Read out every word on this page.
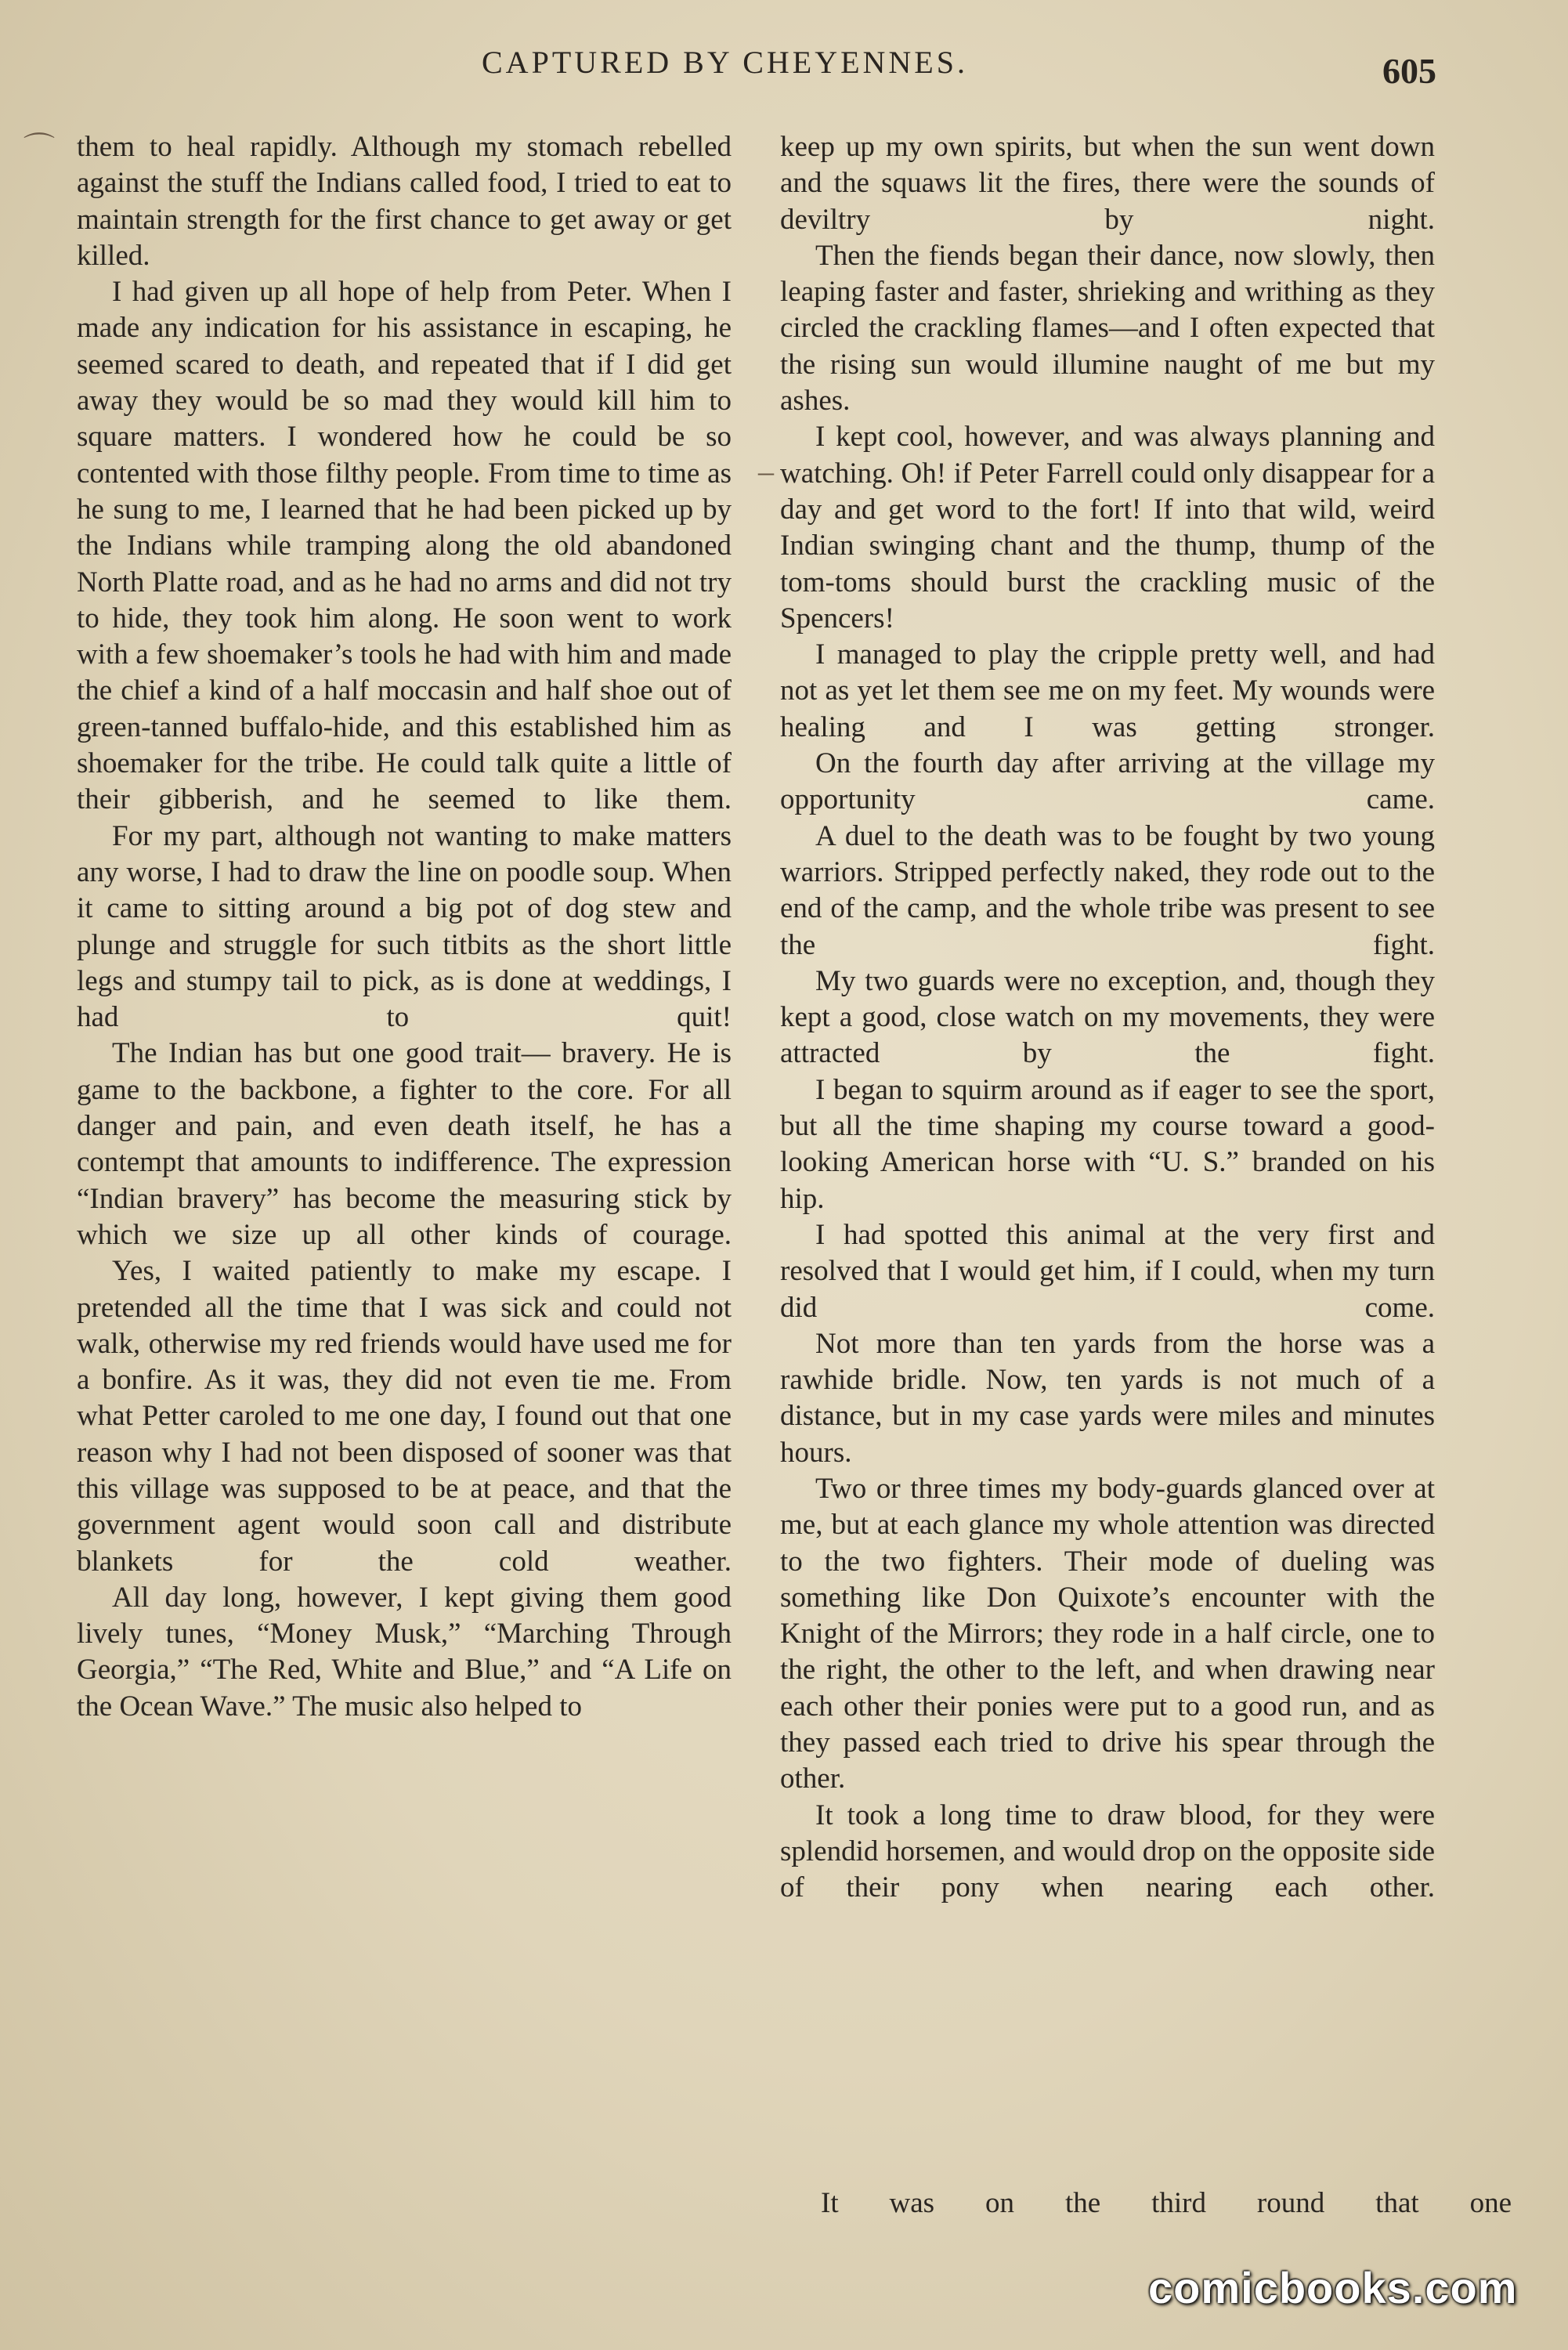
CAPTURED BY CHEYENNES.	605

them to heal rapidly. Although my stomach rebelled against the stuff the Indians called food, I tried to eat to maintain strength for the first chance to get away or get killed.

I had given up all hope of help from Peter. When I made any indication for his assistance in escaping, he seemed scared to death, and repeated that if I did get away they would be so mad they would kill him to square matters. I wondered how he could be so contented with those filthy people. From time to time as he sung to me, I learned that he had been picked up by the Indians while tramping along the old abandoned North Platte road, and as he had no arms and did not try to hide, they took him along. He soon went to work with a few shoemaker’s tools he had with him and made the chief a kind of a half moccasin and half shoe out of green-tanned buffalo-hide, and this established him as shoemaker for the tribe. He could talk quite a little of their gibberish, and he seemed to like them.

For my part, although not wanting to make matters any worse, I had to draw the line on poodle soup. When it came to sitting around a big pot of dog stew and plunge and struggle for such titbits as the short little legs and stumpy tail to pick, as is done at weddings, I had to quit!

The Indian has but one good trait— bravery. He is game to the backbone, a fighter to the core. For all danger and pain, and even death itself, he has a contempt that amounts to indifference. The expression “Indian bravery” has become the measuring stick by which we size up all other kinds of courage.

Yes, I waited patiently to make my escape. I pretended all the time that I was sick and could not walk, otherwise my red friends would have used me for a bonfire. As it was, they did not even tie me. From what Petter caroled to me one day, I found out that one reason why I had not been disposed of sooner was that this village was supposed to be at peace, and that the government agent would soon call and distribute blankets for the cold weather.

All day long, however, I kept giving them good lively tunes, “Money Musk,” “Marching Through Georgia,” “The Red, White and Blue,” and “A Life on the Ocean Wave.” The music also helped to

keep up my own spirits, but when the sun went down and the squaws lit the fires, there were the sounds of deviltry by night.

Then the fiends began their dance, now slowly, then leaping faster and faster, shrieking and writhing as they circled the crackling flames—and I often expected that the rising sun would illumine naught of me but my ashes.

I kept cool, however, and was always planning and watching. Oh! if Peter Farrell could only disappear for a day and get word to the fort! If into that wild, weird Indian swinging chant and the thump, thump of the tom-toms should burst the crackling music of the Spencers!

I managed to play the cripple pretty well, and had not as yet let them see me on my feet. My wounds were healing and I was getting stronger.

On the fourth day after arriving at the village my opportunity came.

A duel to the death was to be fought by two young warriors. Stripped perfectly naked, they rode out to the end of the camp, and the whole tribe was present to see the fight.

My two guards were no exception, and, though they kept a good, close watch on my movements, they were attracted by the fight.

I began to squirm around as if eager to see the sport, but all the time shaping my course toward a good-looking American horse with “U. S.” branded on his hip.

I had spotted this animal at the very first and resolved that I would get him, if I could, when my turn did come.

Not more than ten yards from the horse was a rawhide bridle. Now, ten yards is not much of a distance, but in my case yards were miles and minutes hours.

Two or three times my body-guards glanced over at me, but at each glance my whole attention was directed to the two fighters. Their mode of dueling was something like Don Quixote’s encounter with the Knight of the Mirrors; they rode in a half circle, one to the right, the other to the left, and when drawing near each other their ponies were put to a good run, and as they passed each tried to drive his spear through the other.

It took a long time to draw blood, for they were splendid horsemen, and would drop on the opposite side of their pony when nearing each other.

It was on the third round that one
⌒
–
comicbooks.com
